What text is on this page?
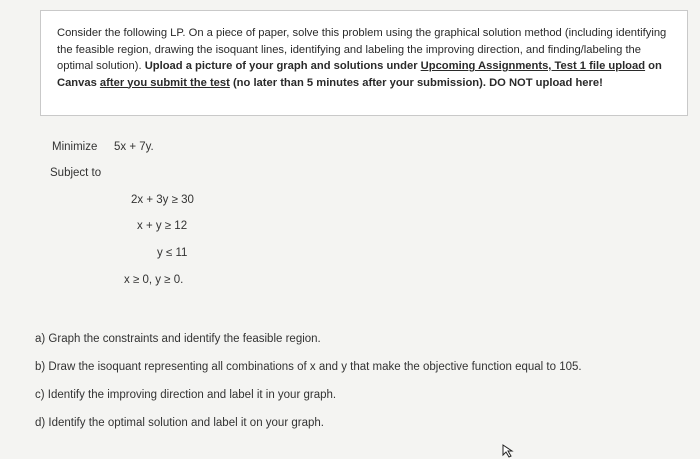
Consider the following LP. On a piece of paper, solve this problem using the graphical solution method (including identifying the feasible region, drawing the isoquant lines, identifying and labeling the improving direction, and finding/labeling the optimal solution). Upload a picture of your graph and solutions under Upcoming Assignments, Test 1 file upload on Canvas after you submit the test (no later than 5 minutes after your submission). DO NOT upload here!
Minimize 5x + 7y.
Subject to
2x + 3y ≥ 30
x + y ≥ 12
y ≤ 11
x ≥ 0, y ≥ 0.
a) Graph the constraints and identify the feasible region.
b) Draw the isoquant representing all combinations of x and y that make the objective function equal to 105.
c) Identify the improving direction and label it in your graph.
d) Identify the optimal solution and label it on your graph.
